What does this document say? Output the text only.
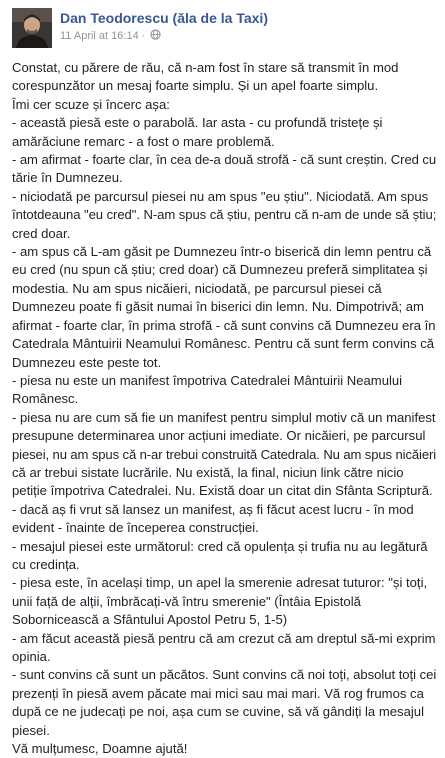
Dan Teodorescu (ăla de la Taxi)
11 April at 16:14 ·
Constat, cu părere de rău, că n-am fost în stare să transmit în mod
corespunzător un mesaj foarte simplu. Și un apel foarte simplu.
Îmi cer scuze și încerc așa:
- această piesă este o parabolă. Iar asta - cu profundă tristețe și
amărăciune remarc - a fost o mare problemă.
- am afirmat - foarte clar, în cea de-a două strofă - că sunt creștin. Cred cu
tărie în Dumnezeu.
- niciodată pe parcursul piesei nu am spus "eu știu". Niciodată. Am spus
întotdeauna "eu cred". N-am spus că știu, pentru că n-am de unde să știu;
cred doar.
- am spus că L-am găsit pe Dumnezeu într-o biserică din lemn pentru că
eu cred (nu spun că știu; cred doar) că Dumnezeu preferă simplitatea și
modestia. Nu am spus nicăieri, niciodată, pe parcursul piesei că
Dumnezeu poate fi găsit numai în biserici din lemn. Nu. Dimpotrivă; am
afirmat - foarte clar, în prima strofă - că sunt convins că Dumnezeu era în
Catedrala Mântuirii Neamului Românesc. Pentru că sunt ferm convins că
Dumnezeu este peste tot.
- piesa nu este un manifest împotriva Catedralei Mântuirii Neamului
Românesc.
- piesa nu are cum să fie un manifest pentru simplul motiv că un manifest
presupune determinarea unor acțiuni imediate. Or nicăieri, pe parcursul
piesei, nu am spus că n-ar trebui construită Catedrala. Nu am spus nicăieri
că ar trebui sistate lucrările. Nu există, la final, niciun link către nicio
petiție împotriva Catedralei. Nu. Există doar un citat din Sfânta Scriptură.
- dacă aș fi vrut să lansez un manifest, aș fi făcut acest lucru - în mod
evident - înainte de începerea construcției.
- mesajul piesei este următorul: cred că opulența și trufia nu au legătură
cu credința.
- piesa este, în același timp, un apel la smerenie adresat tuturor: "și toți,
unii față de alții, îmbrăcați-vă întru smerenie" (Întâia Epistolă
Sobornicească a Sfântului Apostol Petru 5, 1-5)
- am făcut această piesă pentru că am crezut că am dreptul să-mi exprim
opinia.
- sunt convins că sunt un păcătos. Sunt convins că noi toți, absolut toți cei
prezenți în piesă avem păcate mai mici sau mai mari. Vă rog frumos ca
după ce ne judecați pe noi, așa cum se cuvine, să vă gândiți la mesajul
piesei.
Vă mulțumesc, Doamne ajută!
